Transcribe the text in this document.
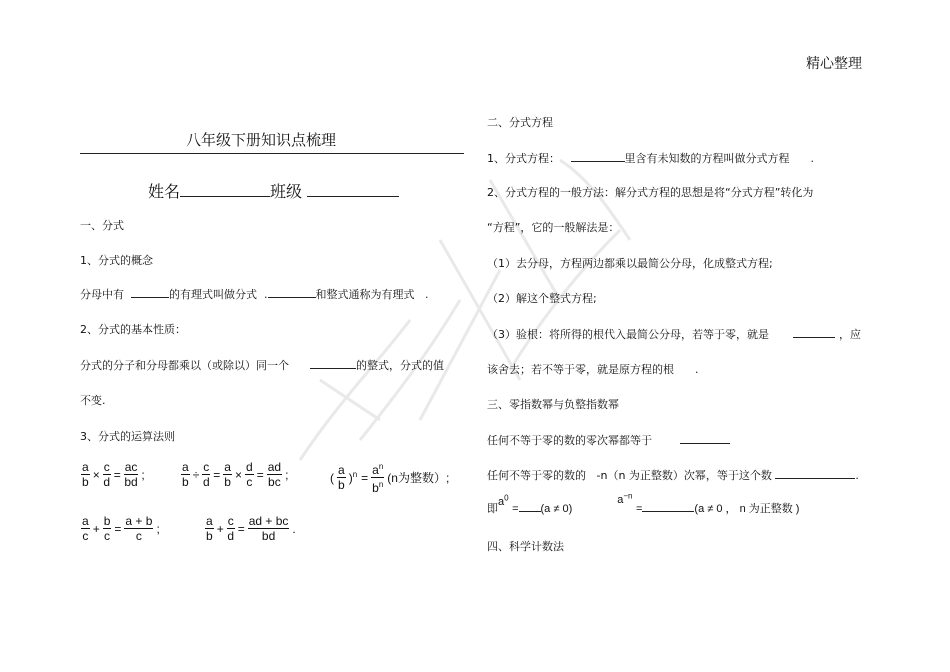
精心整理
八年级下册知识点梳理
姓名	班级
一、分式
1、分式的概念
分母中有	的有理式叫做分式 .	和整式通称为有理式 .
2、分式的基本性质：
分式的分子和分母都乘以（或除以）同一个	的整式，分式的值
不变.
3、分式的运算法则
$\frac{a}{b} \times \frac{c}{d} = \frac{ac}{bd}$ ;	$\frac{a}{b} \div \frac{c}{d} = \frac{a}{b} \times \frac{d}{c} = \frac{ad}{bc}$ ;	( $\frac{a}{b} )^n = \frac{a^n}{b^n} (n$为整数）;
$\frac{a}{c} + \frac{b}{c} = \frac{a + b}{c}$ ;	$\frac{a}{b} + \frac{c}{d} = \frac{ad + bc}{bd}$ .
二、分式方程
1、分式方程：	里含有未知数的方程叫做分式方程 .
2、分式方程的一般方法：解分式方程的思想是将“分式方程”转化为
“方程”，它的一般解法是：
（1）去分母，方程两边都乘以最简公分母，化成整式方程;
（2）解这个整式方程;
（3）验根：将所得的根代入最简公分母，若等于零，就是	，应
该舍去；若不等于零，就是原方程的根 .
三、零指数幂与负整指数幂
任何不等于零的数的零次幂都等于
任何不等于零的数的 -n（n 为正整数）次幂，等于这个数	.
即$a^0 = (a \ne 0) a^{-n}$ =	(a ≠ 0 ， n 为正整数 )
四、科学计数法
